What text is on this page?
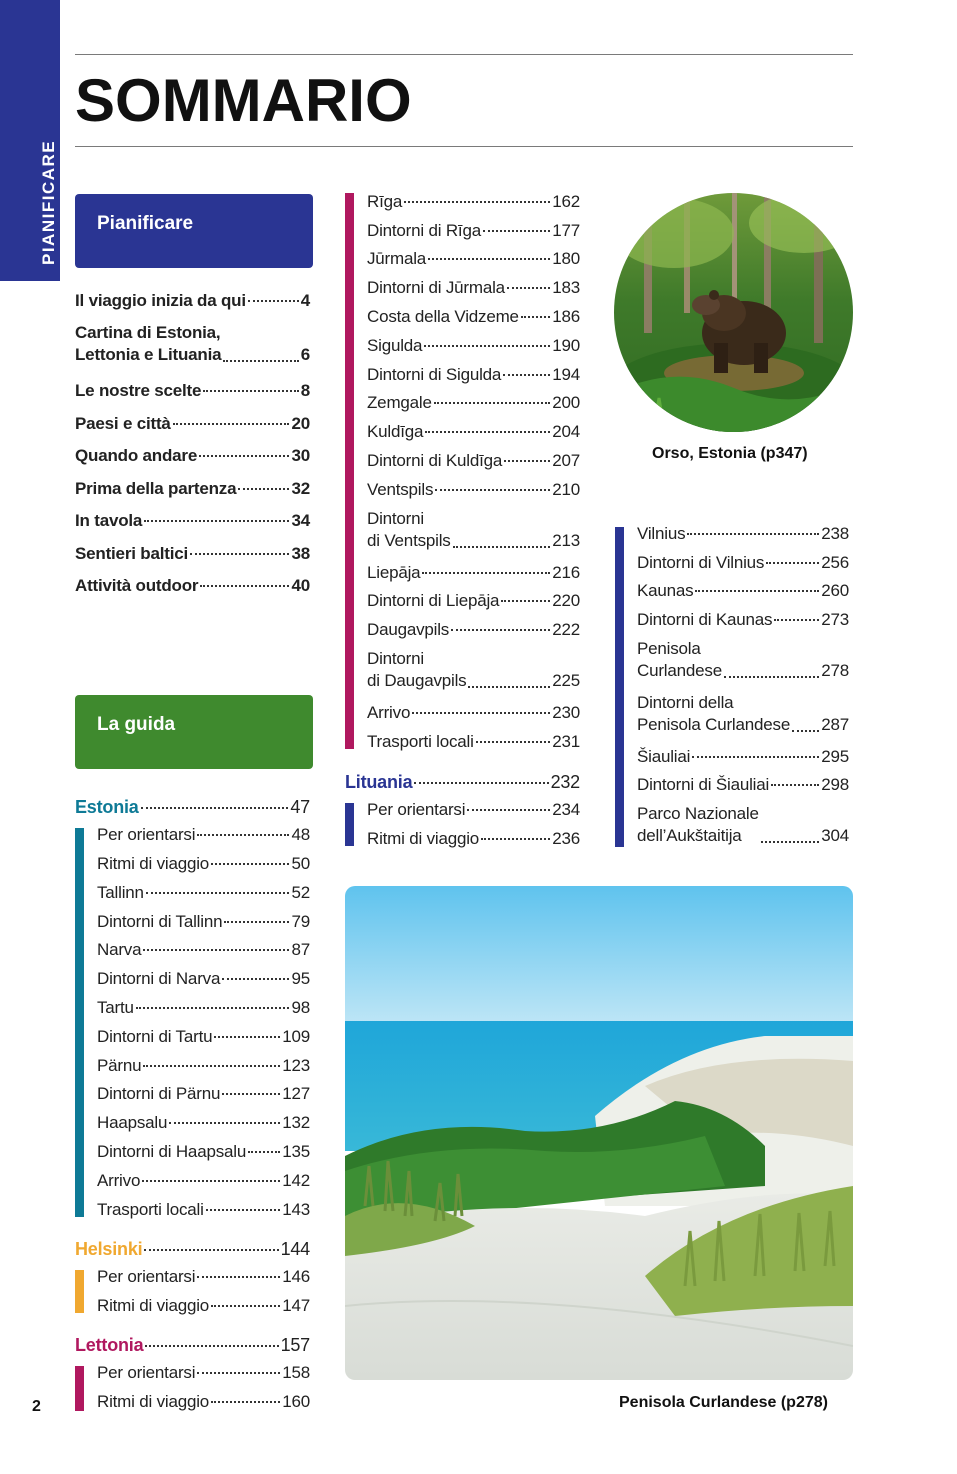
PIANIFICARE
SOMMARIO
Pianificare
Il viaggio inizia da qui	4
Cartina di Estonia,
Lettonia e Lituania	6
Le nostre scelte	8
Paesi e città	20
Quando andare	30
Prima della partenza	32
In tavola	34
Sentieri baltici	38
Attività outdoor	40
La guida
Estonia	47
Per orientarsi	48
Ritmi di viaggio	50
Tallinn	52
Dintorni di Tallinn	79
Narva	87
Dintorni di Narva	95
Tartu	98
Dintorni di Tartu	109
Pärnu	123
Dintorni di Pärnu	127
Haapsalu	132
Dintorni di Haapsalu 135
Arrivo	142
Trasporti locali	143
Helsinki	144
Per orientarsi	146
Ritmi di viaggio	147
Lettonia	157
Per orientarsi	158
Ritmi di viaggio	160
Rīga	162
Dintorni di Rīga	177
Jūrmala	180
Dintorni di Jūrmala	183
Costa della Vidzeme 186
Sigulda	190
Dintorni di Sigulda	194
Zemgale	200
Kuldīga	204
Dintorni di Kuldīga	207
Ventspils	210
Dintorni
di Ventspils	213
Liepāja	216
Dintorni di Liepāja	220
Daugavpils	222
Dintorni
di Daugavpils	225
Arrivo	230
Trasporti locali	231
Lituania	232
Per orientarsi	234
Ritmi di viaggio	236
Orso, Estonia (p347)
Vilnius	238
Dintorni di Vilnius	256
Kaunas	260
Dintorni di Kaunas	273
Penisola
Curlandese	278
Dintorni della
Penisola Curlandese 287
Šiauliai	295
Dintorni di Šiauliai	298
Parco Nazionale
dell’Aukštaitija	304
Penisola Curlandese (p278)
2
